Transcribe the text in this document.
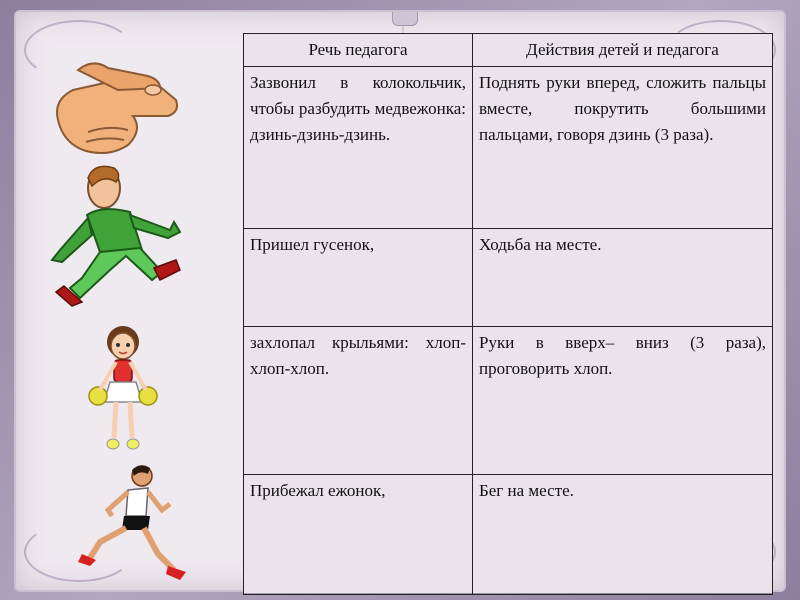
Речь педагога	Действия детей и педагога
Зазвонил в колокольчик, чтобы разбудить медвежонка: дзинь-дзинь-дзинь.	Поднять руки вперед, сложить пальцы вместе, покрутить большими пальцами, говоря дзинь (3 раза).
Пришел гусенок,	Ходьба на месте.
захлопал крыльями: хлоп-хлоп-хлоп.	Руки в вверх– вниз (3 раза), проговорить хлоп.
Прибежал ежонок,	Бег на месте.
